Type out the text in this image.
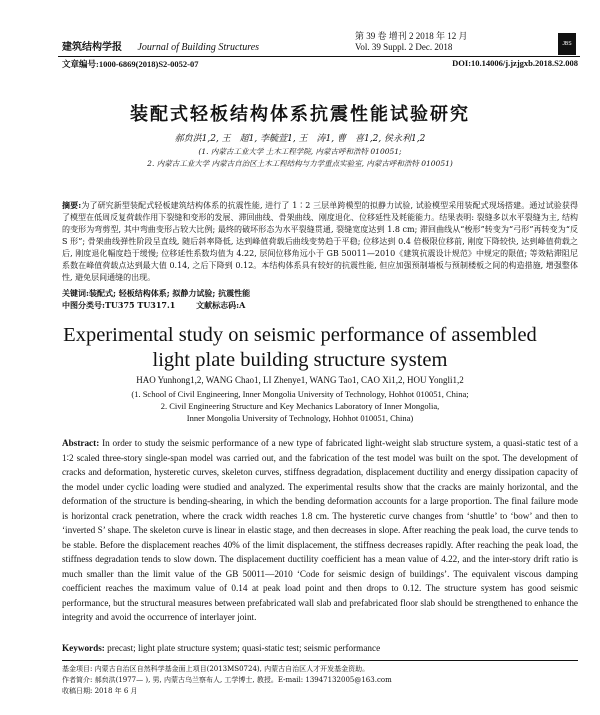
建筑结构学报 Journal of Building Structures
第 39 卷 增刊 2 2018 年 12 月
Vol. 39 Suppl. 2 Dec. 2018	JBS
文章编号:1000-6869(2018)S2-0052-07	DOI:10.14006/j.jzjgxb.2018.S2.008
装配式轻板结构体系抗震性能试验研究
郝贠洪1,2, 王　超1, 李毓萱1, 王　涛1, 曹　喜1,2, 侯永利1,2
(1. 内蒙古工业大学 土木工程学院, 内蒙古呼和浩特 010051;
2. 内蒙古工业大学 内蒙古自治区土木工程结构与力学重点实验室, 内蒙古呼和浩特 010051)
摘要:为了研究新型装配式轻板建筑结构体系的抗震性能, 进行了 1∶2 三层单跨模型的拟静力试验, 试验模型采用装配式现场搭建。通过试验获得了模型在低周反复荷载作用下裂缝和变形的发展、滞回曲线、骨架曲线、刚度退化、位移延性及耗能能力。结果表明: 裂缝多以水平裂缝为主, 结构的变形为弯剪型, 其中弯曲变形占较大比例; 最终的破坏形态为水平裂缝贯通, 裂缝宽度达到 1.8 cm; 滞回曲线从“梭形”转变为“弓形”再转变为“反 S 形”; 骨架曲线弹性阶段呈直线, 随后斜率降低, 达到峰值荷载后曲线变势趋于平稳; 位移达到 0.4 倍极限位移前, 刚度下降较快, 达到峰值荷载之后, 刚度退化幅度趋于缓慢; 位移延性系数均值为 4.22, 层间位移角远小于 GB 50011—2010《建筑抗震设计规范》中规定的限值; 等效粘滞阻尼系数在峰值荷载点达到最大值 0.14, 之后下降到 0.12。本结构体系具有较好的抗震性能, 但应加强预制墙板与预制楼板之间的构造措施, 增强整体性, 避免层间通缝的出现。
关键词:装配式; 轻板结构体系; 拟静力试验; 抗震性能
中图分类号:TU375 TU317.1	文献标志码:A
Experimental study on seismic performance of assembled
light plate building structure system
HAO Yunhong1,2, WANG Chao1, LI Zhenye1, WANG Tao1, CAO Xi1,2, HOU Yongli1,2
(1. School of Civil Engineering, Inner Mongolia University of Technology, Hohhot 010051, China;
2. Civil Engineering Structure and Key Mechanics Laboratory of Inner Mongolia,
Inner Mongolia University of Technology, Hohhot 010051, China)
Abstract: In order to study the seismic performance of a new type of fabricated light-weight slab structure system, a quasi-static test of a 1∶2 scaled three-story single-span model was carried out, and the fabrication of the test model was built on the spot. The development of cracks and deformation, hysteretic curves, skeleton curves, stiffness degradation, displacement ductility and energy dissipation capacity of the model under cyclic loading were studied and analyzed. The experimental results show that the cracks are mainly horizontal, and the deformation of the structure is bending-shearing, in which the bending deformation accounts for a large proportion. The final failure mode is horizontal crack penetration, where the crack width reaches 1.8 cm. The hysteretic curve changes from ‘shuttle’ to ‘bow’ and then to ‘inverted S’ shape. The skeleton curve is linear in elastic stage, and then decreases in slope. After reaching the peak load, the curve tends to be stable. Before the displacement reaches 40% of the limit displacement, the stiffness decreases rapidly. After reaching the peak load, the stiffness degradation tends to slow down. The displacement ductility coefficient has a mean value of 4.22, and the inter-story drift ratio is much smaller than the limit value of the GB 50011—2010 ‘Code for seismic design of buildings’. The equivalent viscous damping coefficient reaches the maximum value of 0.14 at peak load point and then drops to 0.12. The structure system has good seismic performance, but the structural measures between prefabricated wall slab and prefabricated floor slab should be strengthened to enhance the integrity and avoid the occurrence of interlayer joint.
Keywords: precast; light plate structure system; quasi-static test; seismic performance
基金项目: 内蒙古自治区自然科学基金面上项目(2013MS0724), 内蒙古自治区人才开发基金资助。
作者简介: 郝贠洪(1977— ), 男, 内蒙古乌兰察布人, 工学博士, 教授。E-mail: 13947132005@163.com
收稿日期: 2018 年 6 月
